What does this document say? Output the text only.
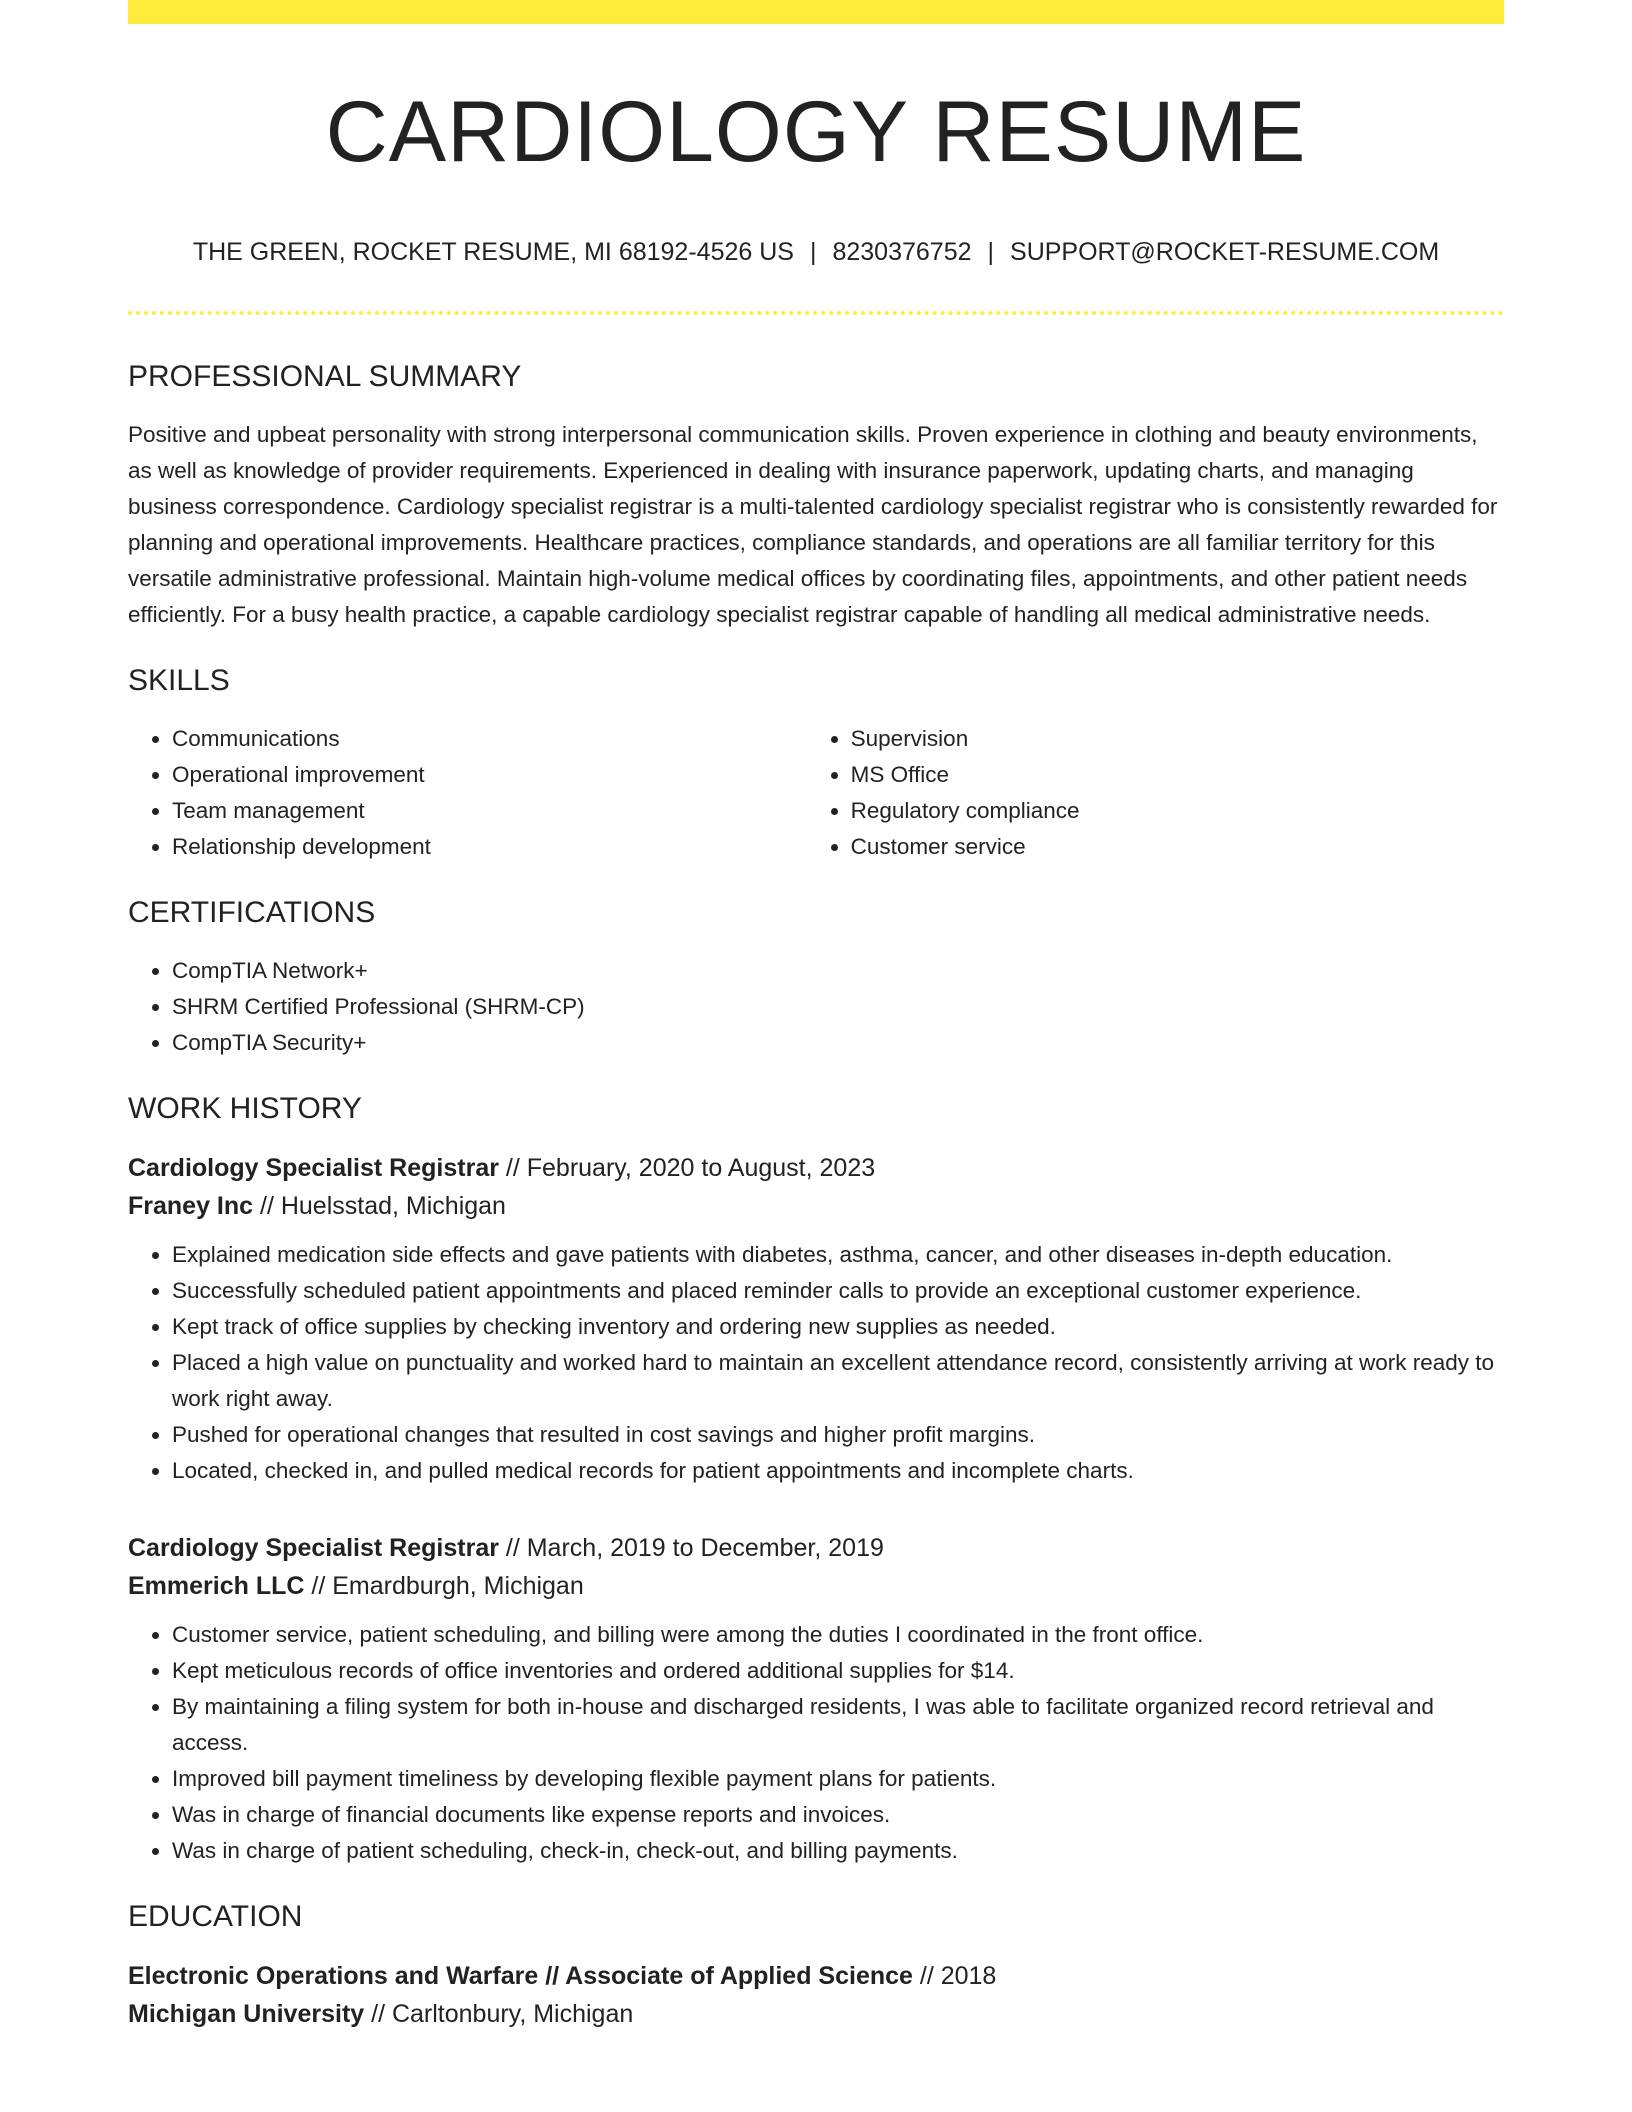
CARDIOLOGY RESUME
THE GREEN, ROCKET RESUME, MI 68192-4526 US | 8230376752 | SUPPORT@ROCKET-RESUME.COM
PROFESSIONAL SUMMARY
Positive and upbeat personality with strong interpersonal communication skills. Proven experience in clothing and beauty environments, as well as knowledge of provider requirements. Experienced in dealing with insurance paperwork, updating charts, and managing business correspondence. Cardiology specialist registrar is a multi-talented cardiology specialist registrar who is consistently rewarded for planning and operational improvements. Healthcare practices, compliance standards, and operations are all familiar territory for this versatile administrative professional. Maintain high-volume medical offices by coordinating files, appointments, and other patient needs efficiently. For a busy health practice, a capable cardiology specialist registrar capable of handling all medical administrative needs.
SKILLS
• Communications
• Operational improvement
• Team management
• Relationship development
• Supervision
• MS Office
• Regulatory compliance
• Customer service
CERTIFICATIONS
• CompTIA Network+
• SHRM Certified Professional (SHRM-CP)
• CompTIA Security+
WORK HISTORY
Cardiology Specialist Registrar // February, 2020 to August, 2023
Franey Inc // Huelsstad, Michigan
• Explained medication side effects and gave patients with diabetes, asthma, cancer, and other diseases in-depth education.
• Successfully scheduled patient appointments and placed reminder calls to provide an exceptional customer experience.
• Kept track of office supplies by checking inventory and ordering new supplies as needed.
• Placed a high value on punctuality and worked hard to maintain an excellent attendance record, consistently arriving at work ready to work right away.
• Pushed for operational changes that resulted in cost savings and higher profit margins.
• Located, checked in, and pulled medical records for patient appointments and incomplete charts.
Cardiology Specialist Registrar // March, 2019 to December, 2019
Emmerich LLC // Emardburgh, Michigan
• Customer service, patient scheduling, and billing were among the duties I coordinated in the front office.
• Kept meticulous records of office inventories and ordered additional supplies for $14.
• By maintaining a filing system for both in-house and discharged residents, I was able to facilitate organized record retrieval and access.
• Improved bill payment timeliness by developing flexible payment plans for patients.
• Was in charge of financial documents like expense reports and invoices.
• Was in charge of patient scheduling, check-in, check-out, and billing payments.
EDUCATION
Electronic Operations and Warfare // Associate of Applied Science // 2018
Michigan University // Carltonbury, Michigan
